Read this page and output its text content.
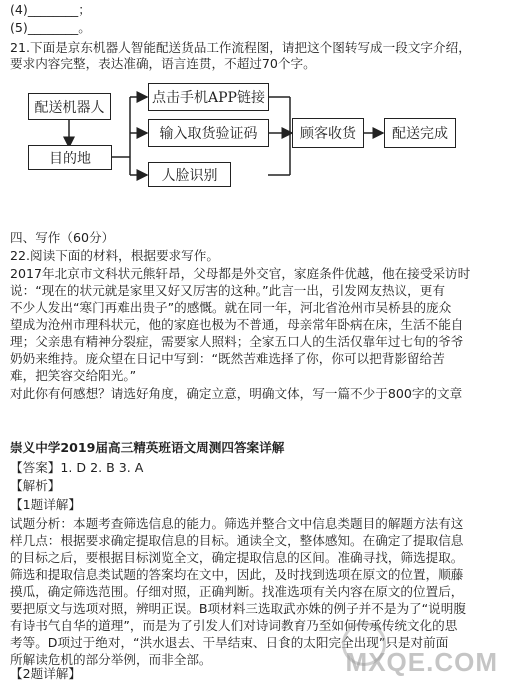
(4)________；
(5)________。
21.下面是京东机器人智能配送货品工作流程图，请把这个图转写成一段文字介绍，
要求内容完整，表达准确，语言连贯，不超过70个字。
配送机器人
目的地
点击手机APP链接
输入取货验证码
人脸识别
顾客收货	配送完成
四、写作（60分）
22.阅读下面的材料，根据要求写作。
2017年北京市文科状元熊轩昂，父母都是外交官，家庭条件优越，他在接受采访时
说：“现在的状元就是家里又好又厉害的这种。”此言一出，引发网友热议，更有
不少人发出“寒门再难出贵子”的感慨。就在同一年，河北省沧州市吴桥县的庞众
望成为沧州市理科状元，他的家庭也极为不普通，母亲常年卧病在床，生活不能自
理；父亲患有精神分裂症，需要家人照料；全家五口人的生活仅靠年过七旬的爷爷
奶奶来维持。庞众望在日记中写到：“既然苦难选择了你，你可以把背影留给苦
难，把笑容交给阳光。”
对此你有何感想？请选好角度，确定立意，明确文体，写一篇不少于800字的文章
崇义中学2019届高三精英班语文周测四答案详解
【答案】1. D 2. B 3. A
【解析】
【1题详解】
试题分析：本题考查筛选信息的能力。筛选并整合文中信息类题目的解题方法有这
样几点：根据要求确定提取信息的目标。通读全文，整体感知。在确定了提取信息
的目标之后，要根据目标浏览全文，确定提取信息的区间。准确寻找，筛选提取。
筛选和提取信息类试题的答案均在文中，因此，及时找到选项在原文的位置，顺藤
摸瓜，确定筛选范围。仔细对照，正确判断。找准选项有关内容在原文的位置后，
要把原文与选项对照，辨明正误。B项材料三选取武亦姝的例子并不是为了“说明腹
有诗书气自华的道理”，而是为了引发人们对诗词教育乃至如何传承传统文化的思
考等。D项过于绝对，“洪水退去、干旱结束、日食的太阳完全出现”只是对前面
所解读危机的部分举例，而非全部。
【2题详解】	MXQE.COM
